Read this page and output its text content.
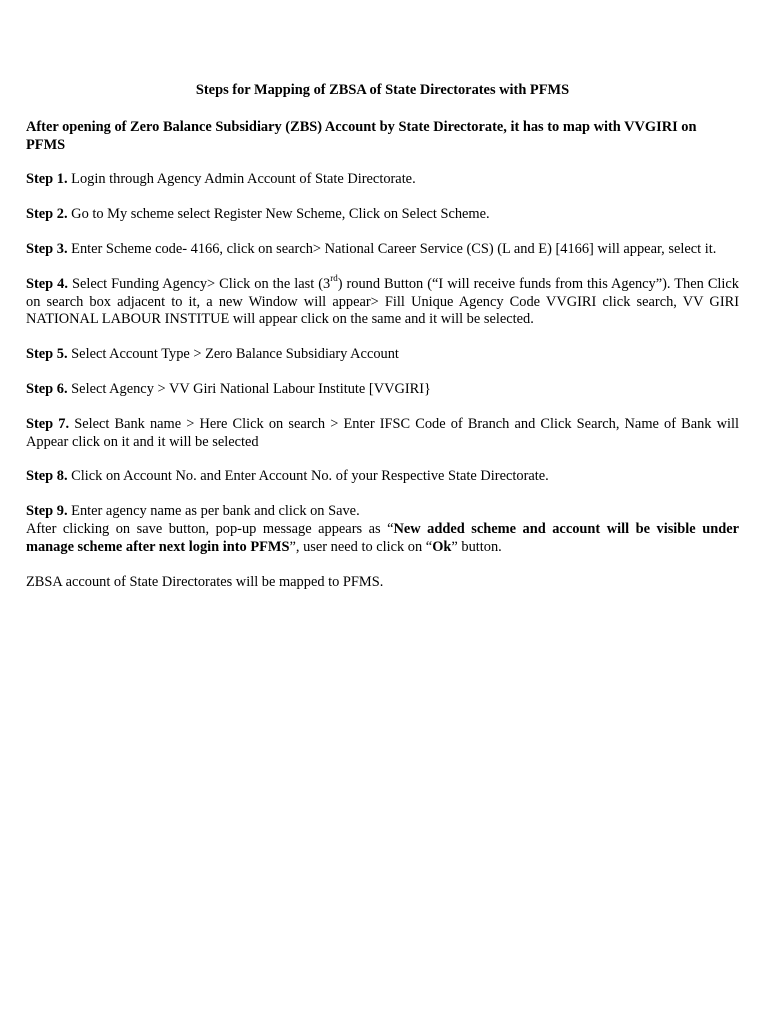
Steps for Mapping of ZBSA of State Directorates with PFMS

After opening of Zero Balance Subsidiary (ZBS) Account by State Directorate, it has to map with VVGIRI on PFMS

Step 1. Login through Agency Admin Account of State Directorate.

Step 2. Go to My scheme select Register New Scheme, Click on Select Scheme.

Step 3. Enter Scheme code- 4166, click on search> National Career Service (CS) (L and E) [4166] will appear, select it.

Step 4. Select Funding Agency> Click on the last (3rd) round Button (“I will receive funds from this Agency”). Then Click on search box adjacent to it, a new Window will appear> Fill Unique Agency Code VVGIRI click search, VV GIRI NATIONAL LABOUR INSTITUE will appear click on the same and it will be selected.

Step 5. Select Account Type > Zero Balance Subsidiary Account

Step 6. Select Agency > VV Giri National Labour Institute [VVGIRI}

Step 7. Select Bank name > Here Click on search > Enter IFSC Code of Branch and Click Search, Name of Bank will Appear click on it and it will be selected

Step 8. Click on Account No. and Enter Account No. of your Respective State Directorate.

Step 9. Enter agency name as per bank and click on Save.

After clicking on save button, pop-up message appears as “New added scheme and account will be visible under manage scheme after next login into PFMS”, user need to click on “Ok” button.

ZBSA account of State Directorates will be mapped to PFMS.
